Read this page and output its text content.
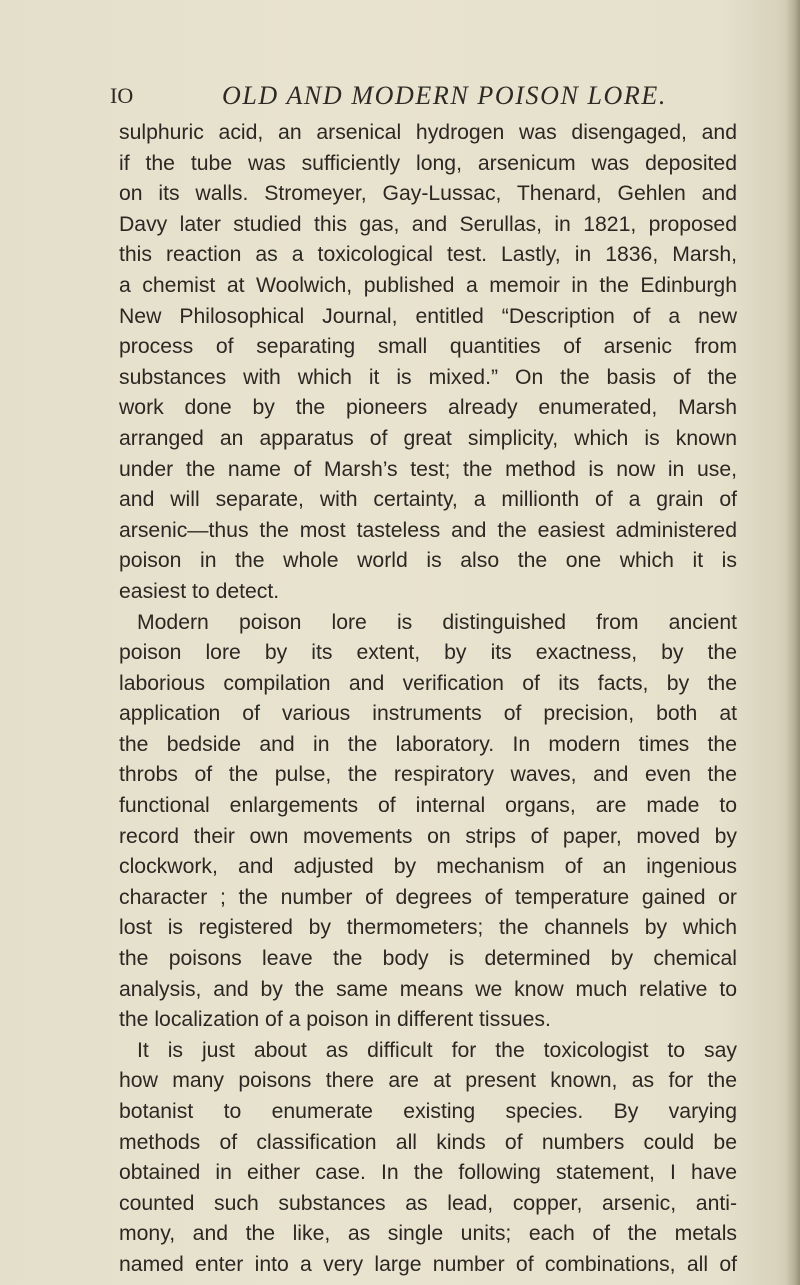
IO	OLD AND MODERN POISON LORE.
sulphuric acid, an arsenical hydrogen was disengaged, and
if the tube was sufficiently long, arsenicum was deposited
on its walls. Stromeyer, Gay-Lussac, Thenard, Gehlen and
Davy later studied this gas, and Serullas, in 1821, proposed
this reaction as a toxicological test. Lastly, in 1836, Marsh,
a chemist at Woolwich, published a memoir in the Edinburgh
New Philosophical Journal, entitled “Description of a new
process of separating small quantities of arsenic from
substances with which it is mixed.” On the basis of the
work done by the pioneers already enumerated, Marsh
arranged an apparatus of great simplicity, which is known
under the name of Marsh’s test; the method is now in use,
and will separate, with certainty, a millionth of a grain of
arsenic—thus the most tasteless and the easiest administered
poison in the whole world is also the one which it is
easiest to detect.
Modern poison lore is distinguished from ancient
poison lore by its extent, by its exactness, by the
laborious compilation and verification of its facts, by the
application of various instruments of precision, both at
the bedside and in the laboratory. In modern times the
throbs of the pulse, the respiratory waves, and even the
functional enlargements of internal organs, are made to
record their own movements on strips of paper, moved by
clockwork, and adjusted by mechanism of an ingenious
character ; the number of degrees of temperature gained or
lost is registered by thermometers; the channels by which
the poisons leave the body is determined by chemical
analysis, and by the same means we know much relative to
the localization of a poison in different tissues.
It is just about as difficult for the toxicologist to say
how many poisons there are at present known, as for the
botanist to enumerate existing species. By varying
methods of classification all kinds of numbers could be
obtained in either case. In the following statement, I have
counted such substances as lead, copper, arsenic, anti-
mony, and the like, as single units; each of the metals
named enter into a very large number of combinations, all of
